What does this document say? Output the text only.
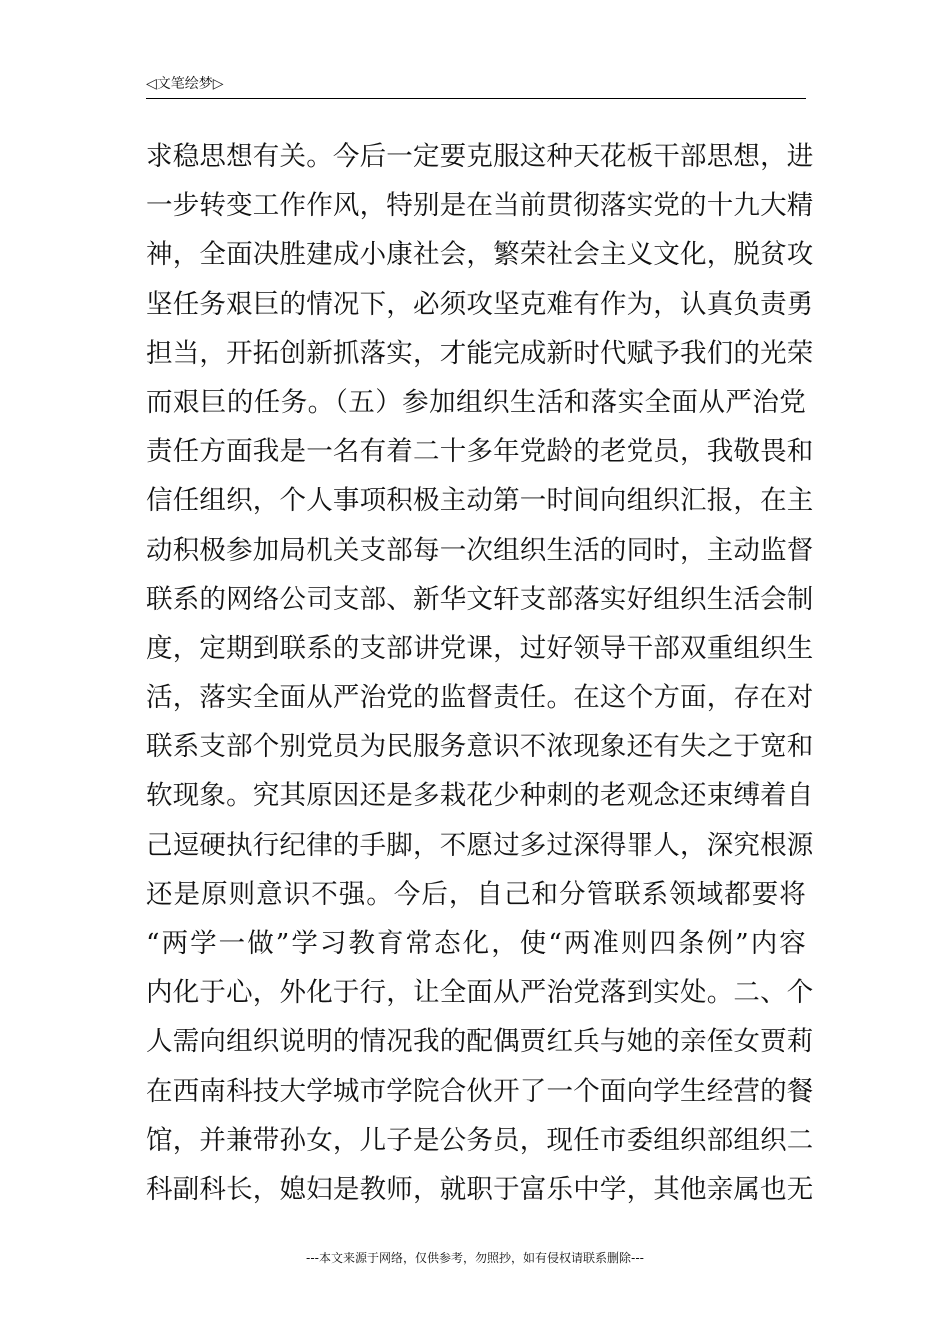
◁文笔绘梦▷
求稳思想有关。今后一定要克服这种天花板干部思想，进
一步转变工作作风，特别是在当前贯彻落实党的十九大精
神，全面决胜建成小康社会，繁荣社会主义文化，脱贫攻
坚任务艰巨的情况下，必须攻坚克难有作为，认真负责勇
担当，开拓创新抓落实，才能完成新时代赋予我们的光荣
而艰巨的任务。（五）参加组织生活和落实全面从严治党
责任方面我是一名有着二十多年党龄的老党员，我敬畏和
信任组织，个人事项积极主动第一时间向组织汇报，在主
动积极参加局机关支部每一次组织生活的同时，主动监督
联系的网络公司支部、新华文轩支部落实好组织生活会制
度，定期到联系的支部讲党课，过好领导干部双重组织生
活，落实全面从严治党的监督责任。在这个方面，存在对
联系支部个别党员为民服务意识不浓现象还有失之于宽和
软现象。究其原因还是多栽花少种刺的老观念还束缚着自
己逗硬执行纪律的手脚，不愿过多过深得罪人，深究根源
还是原则意识不强。今后，自己和分管联系领域都要将
“两学一做”学习教育常态化，使“两准则四条例”内容
内化于心，外化于行，让全面从严治党落到实处。二、个
人需向组织说明的情况我的配偶贾红兵与她的亲侄女贾莉
在西南科技大学城市学院合伙开了一个面向学生经营的餐
馆，并兼带孙女，儿子是公务员，现任市委组织部组织二
科副科长，媳妇是教师，就职于富乐中学，其他亲属也无
---本文来源于网络，仅供参考，勿照抄，如有侵权请联系删除---
